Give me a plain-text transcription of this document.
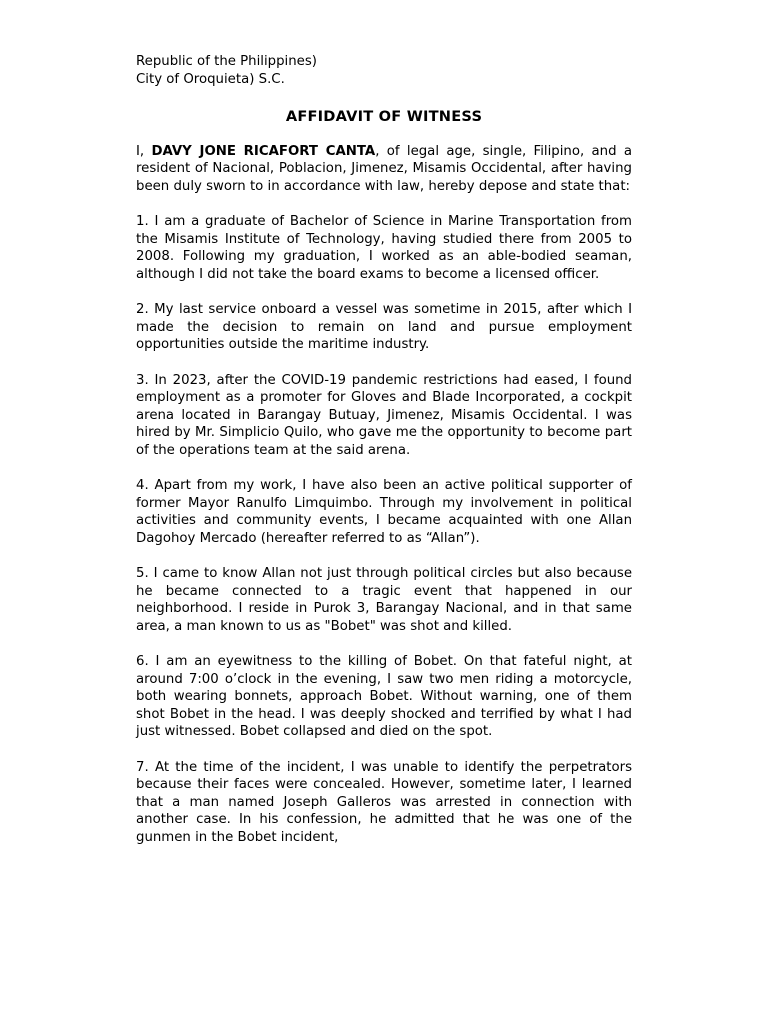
Republic of the Philippines)

City of Oroquieta) S.C.

AFFIDAVIT OF WITNESS

I, DAVY JONE RICAFORT CANTA, of legal age, single, Filipino, and a resident of Nacional, Poblacion, Jimenez, Misamis Occidental, after having been duly sworn to in accordance with law, hereby depose and state that:

1. I am a graduate of Bachelor of Science in Marine Transportation from the Misamis Institute of Technology, having studied there from 2005 to 2008. Following my graduation, I worked as an able-bodied seaman, although I did not take the board exams to become a licensed officer.

2. My last service onboard a vessel was sometime in 2015, after which I made the decision to remain on land and pursue employment opportunities outside the maritime industry.

3. In 2023, after the COVID-19 pandemic restrictions had eased, I found employment as a promoter for Gloves and Blade Incorporated, a cockpit arena located in Barangay Butuay, Jimenez, Misamis Occidental. I was hired by Mr. Simplicio Quilo, who gave me the opportunity to become part of the operations team at the said arena.

4. Apart from my work, I have also been an active political supporter of former Mayor Ranulfo Limquimbo. Through my involvement in political activities and community events, I became acquainted with one Allan Dagohoy Mercado (hereafter referred to as “Allan”).

5. I came to know Allan not just through political circles but also because he became connected to a tragic event that happened in our neighborhood. I reside in Purok 3, Barangay Nacional, and in that same area, a man known to us as "Bobet" was shot and killed.

6. I am an eyewitness to the killing of Bobet. On that fateful night, at around 7:00 o’clock in the evening, I saw two men riding a motorcycle, both wearing bonnets, approach Bobet. Without warning, one of them shot Bobet in the head. I was deeply shocked and terrified by what I had just witnessed. Bobet collapsed and died on the spot.

7. At the time of the incident, I was unable to identify the perpetrators because their faces were concealed. However, sometime later, I learned that a man named Joseph Galleros was arrested in connection with another case. In his confession, he admitted that he was one of the gunmen in the Bobet incident,
